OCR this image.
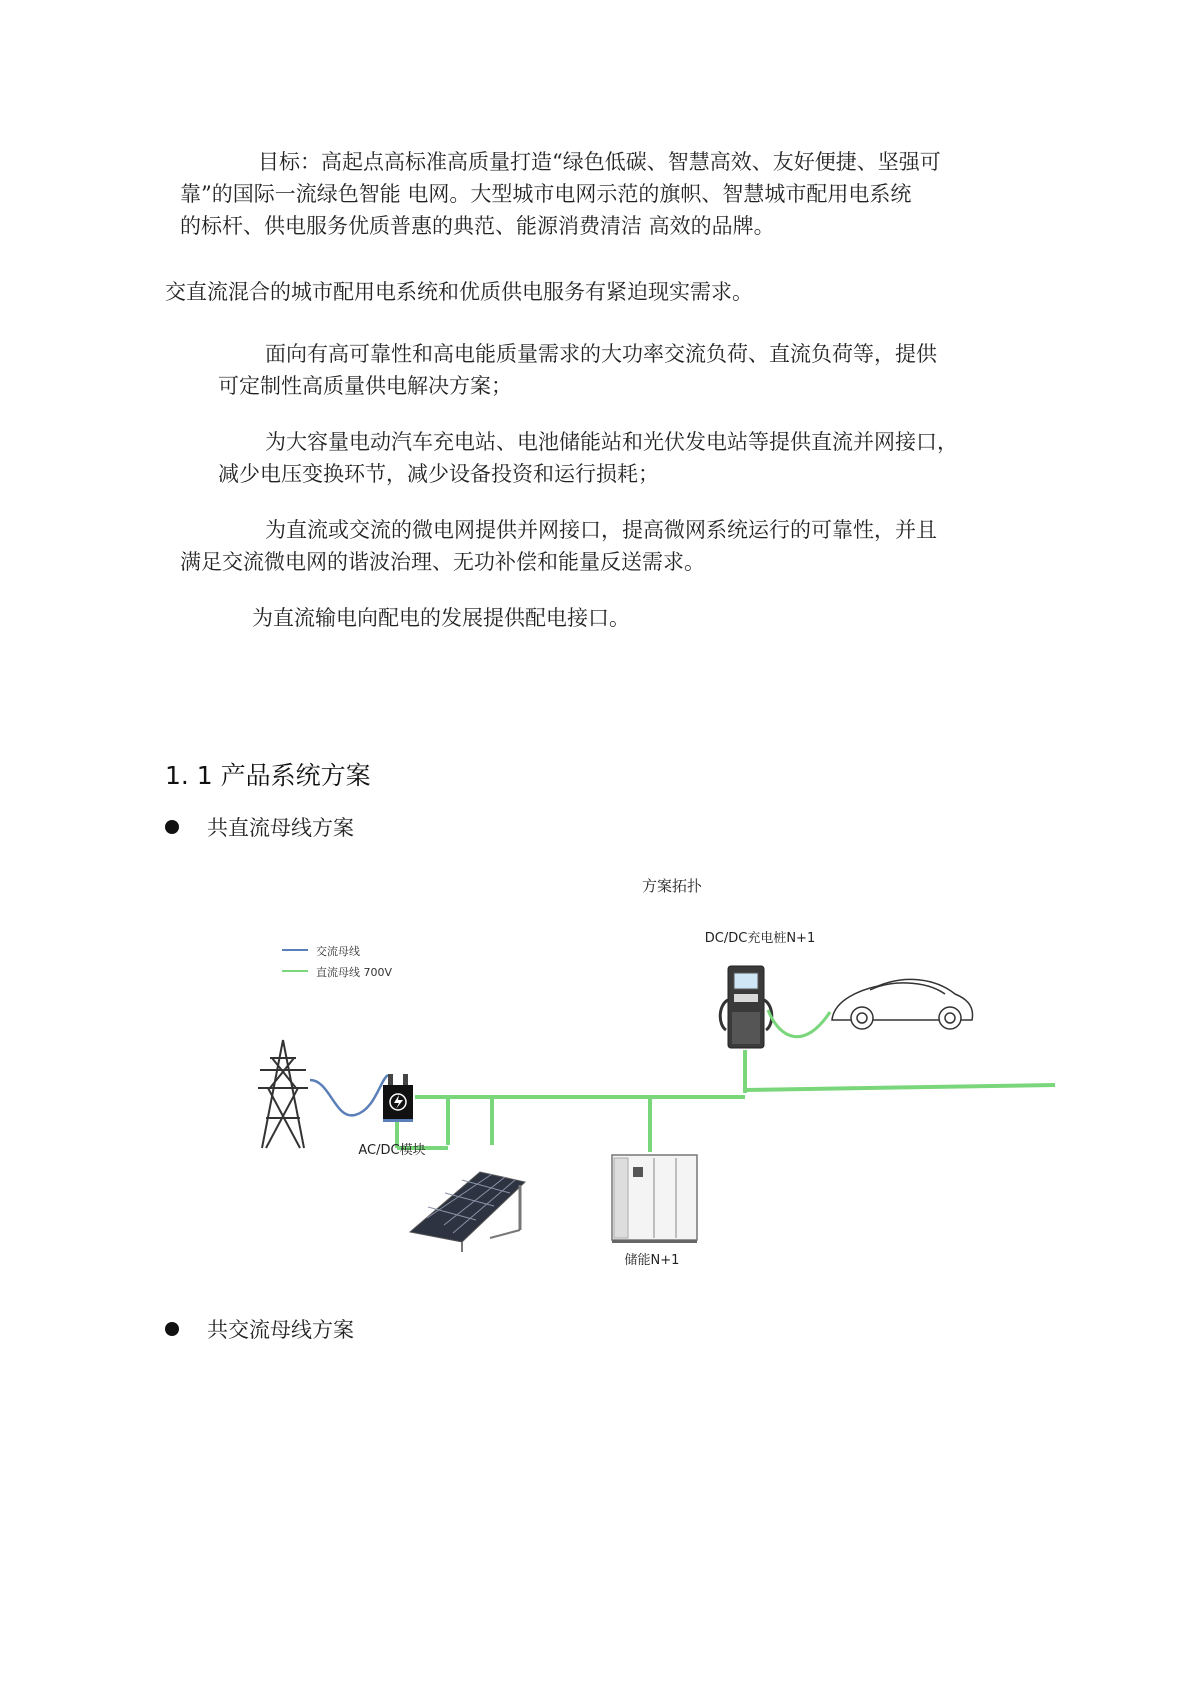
目标：高起点高标准高质量打造“绿色低碳、智慧高效、友好便捷、坚强可

靠”的国际一流绿色智能 电网。大型城市电网示范的旗帜、智慧城市配用电系统

的标杆、供电服务优质普惠的典范、能源消费清洁 高效的品牌。

交直流混合的城市配用电系统和优质供电服务有紧迫现实需求。

面向有高可靠性和高电能质量需求的大功率交流负荷、直流负荷等，提供

可定制性高质量供电解决方案；

为大容量电动汽车充电站、电池储能站和光伏发电站等提供直流并网接口，

减少电压变换环节，减少设备投资和运行损耗；

为直流或交流的微电网提供并网接口，提高微网系统运行的可靠性，并且

满足交流微电网的谐波治理、无功补偿和能量反送需求。

为直流输电向配电的发展提供配电接口。

1. 1 产品系统方案
共直流母线方案
方案拓扑
交流母线
直流母线 700V
AC/DC模块
储能N+1
DC/DC充电桩N+1
共交流母线方案
